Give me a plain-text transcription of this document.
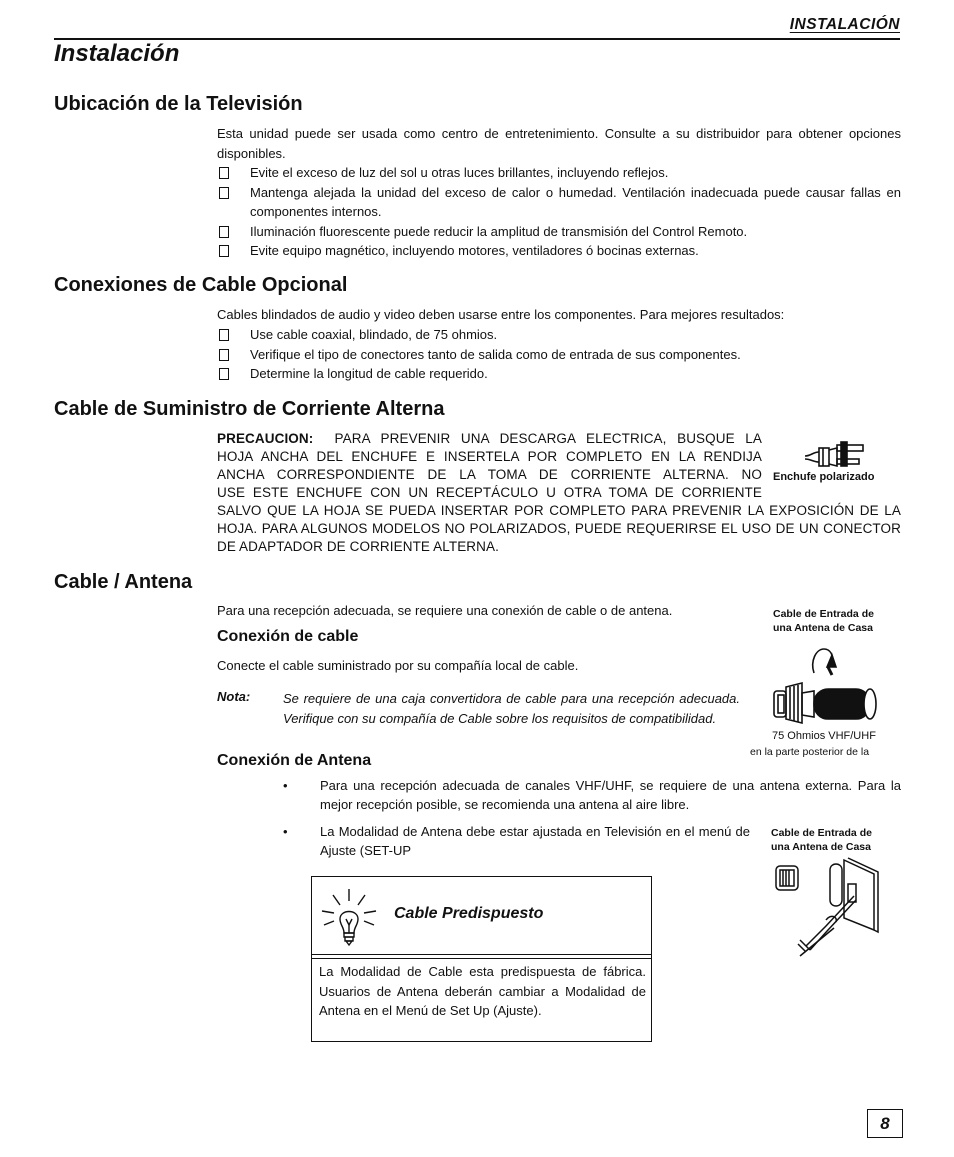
INSTALACIÓN
Instalación
Ubicación de la Televisión
Esta unidad puede ser usada como centro de entretenimiento. Consulte a su distribuidor para obtener opciones disponibles.
Evite el exceso de luz del sol u otras luces brillantes, incluyendo reflejos.
Mantenga alejada la unidad del exceso de calor o humedad. Ventilación inadecuada puede causar fallas en componentes internos.
Iluminación fluorescente puede reducir la amplitud de transmisión del Control Remoto.
Evite equipo magnético, incluyendo motores, ventiladores ó bocinas externas.
Conexiones de Cable Opcional
Cables blindados de audio y video deben usarse entre los componentes. Para mejores resultados:
Use cable coaxial, blindado, de 75 ohmios.
Verifique el tipo de conectores tanto de salida como de entrada de sus componentes.
Determine la longitud de cable requerido.
Cable de Suministro de Corriente Alterna
PRECAUCION: PARA PREVENIR UNA DESCARGA ELECTRICA, BUSQUE LA
HOJA ANCHA DEL ENCHUFE E INSERTELA POR COMPLETO EN LA RENDIJA
ANCHA CORRESPONDIENTE DE LA TOMA DE CORRIENTE ALTERNA. NO
USE ESTE ENCHUFE CON UN RECEPTÁCULO U OTRA TOMA DE CORRIENTE
SALVO QUE LA HOJA SE PUEDA INSERTAR POR COMPLETO PARA PREVENIR LA EXPOSICIÓN DE LA HOJA. PARA ALGUNOS MODELOS NO POLARIZADOS, PUEDE REQUERIRSE EL USO DE UN CONECTOR DE ADAPTADOR DE CORRIENTE ALTERNA.
Enchufe polarizado
Cable / Antena
Para una recepción adecuada, se requiere una conexión de cable o de antena.	Cable de Entrada de
una Antena de Casa
Conexión de cable
Conecte el cable suministrado por su compañía local de cable.
Nota:	Se requiere de una caja convertidora de cable para una recepción adecuada. Verifique con su compañía de Cable sobre los requisitos de compatibilidad.
75 Ohmios VHF/UHF
en la parte posterior de la
Conexión de Antena
• Para una recepción adecuada de canales VHF/UHF, se requiere de una antena externa. Para la mejor recepción posible, se recomienda una antena al aire libre.
• La Modalidad de Antena debe estar ajustada en Televisión en el menú de Ajuste (SET-UP
Cable de Entrada de
una Antena de Casa
Cable Predispuesto
La Modalidad de Cable esta predispuesta de fábrica. Usuarios de Antena deberán cambiar a Modalidad de Antena en el Menú de Set Up (Ajuste).
8
